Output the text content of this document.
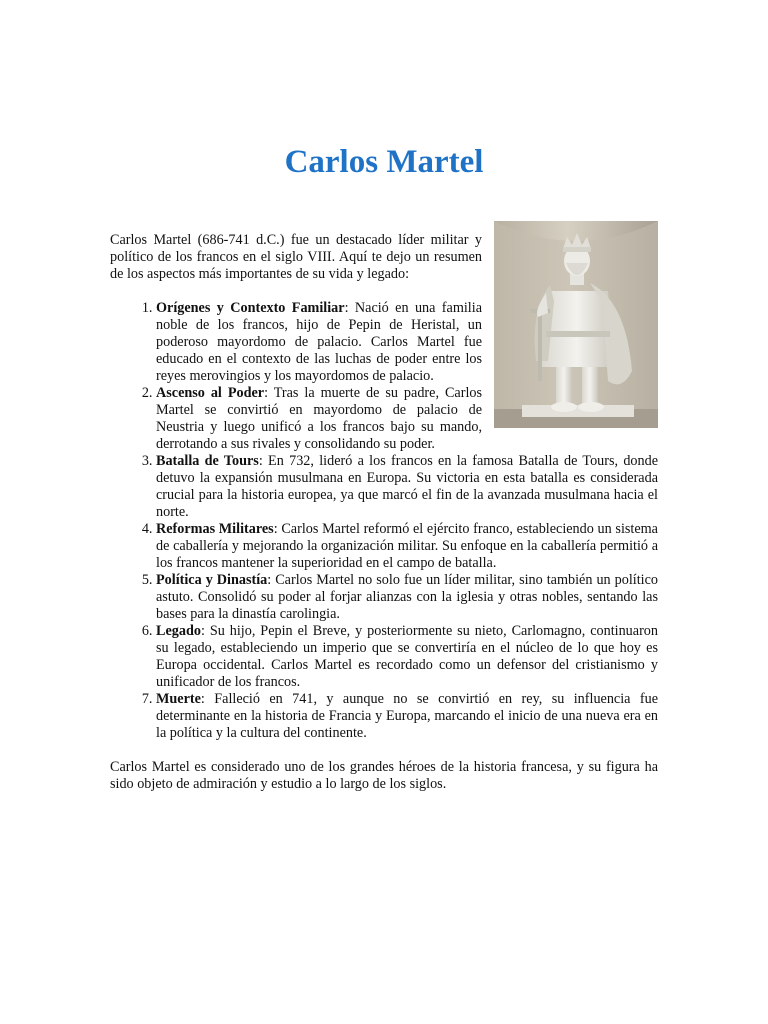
Carlos Martel

Carlos Martel (686-741 d.C.) fue un destacado líder militar y político de los francos en el siglo VIII. Aquí te dejo un resumen de los aspectos más importantes de su vida y legado:

1. Orígenes y Contexto Familiar: Nació en una familia noble de los francos, hijo de Pepin de Heristal, un poderoso mayordomo de palacio. Carlos Martel fue educado en el contexto de las luchas de poder entre los reyes merovingios y los mayordomos de palacio.
2. Ascenso al Poder: Tras la muerte de su padre, Carlos Martel se convirtió en mayordomo de palacio de Neustria y luego unificó a los francos bajo su mando, derrotando a sus rivales y consolidando su poder.
3. Batalla de Tours: En 732, lideró a los francos en la famosa Batalla de Tours, donde detuvo la expansión musulmana en Europa. Su victoria en esta batalla es considerada crucial para la historia europea, ya que marcó el fin de la avanzada musulmana hacia el norte.
4. Reformas Militares: Carlos Martel reformó el ejército franco, estableciendo un sistema de caballería y mejorando la organización militar. Su enfoque en la caballería permitió a los francos mantener la superioridad en el campo de batalla.
5. Política y Dinastía: Carlos Martel no solo fue un líder militar, sino también un político astuto. Consolidó su poder al forjar alianzas con la iglesia y otras nobles, sentando las bases para la dinastía carolingia.
6. Legado: Su hijo, Pepin el Breve, y posteriormente su nieto, Carlomagno, continuaron su legado, estableciendo un imperio que se convertiría en el núcleo de lo que hoy es Europa occidental. Carlos Martel es recordado como un defensor del cristianismo y unificador de los francos.
7. Muerte: Falleció en 741, y aunque no se convirtió en rey, su influencia fue determinante en la historia de Francia y Europa, marcando el inicio de una nueva era en la política y la cultura del continente.

Carlos Martel es considerado uno de los grandes héroes de la historia francesa, y su figura ha sido objeto de admiración y estudio a lo largo de los siglos.
